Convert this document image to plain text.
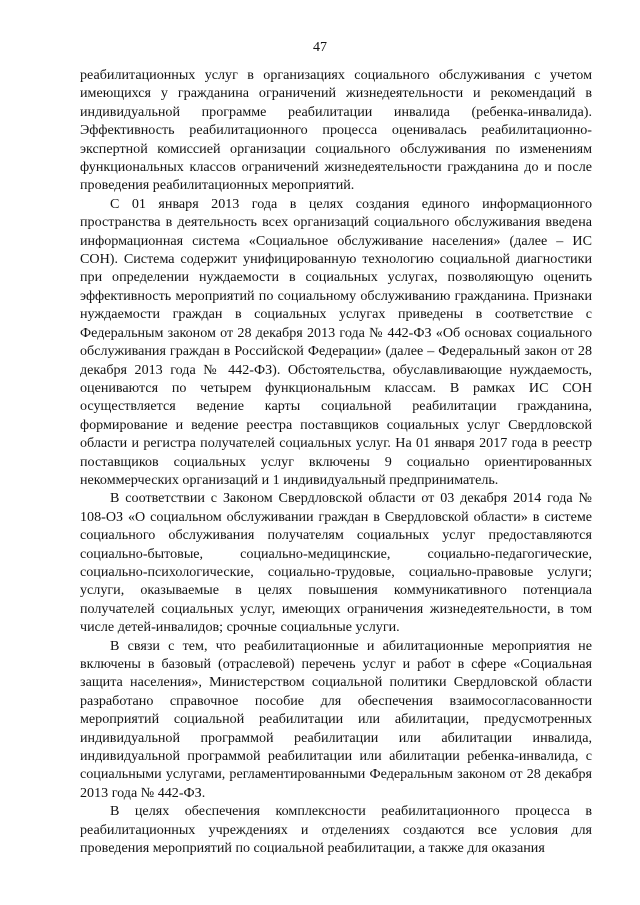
47

реабилитационных услуг в организациях социального обслуживания с учетом имеющихся у гражданина ограничений жизнедеятельности и рекомендаций в индивидуальной программе реабилитации инвалида (ребенка-инвалида). Эффективность реабилитационного процесса оценивалась реабилитационно-экспертной комиссией организации социального обслуживания по изменениям функциональных классов ограничений жизнедеятельности гражданина до и после проведения реабилитационных мероприятий.

С 01 января 2013 года в целях создания единого информационного пространства в деятельность всех организаций социального обслуживания введена информационная система «Социальное обслуживание населения» (далее – ИС СОН). Система содержит унифицированную технологию социальной диагностики при определении нуждаемости в социальных услугах, позволяющую оценить эффективность мероприятий по социальному обслуживанию гражданина. Признаки нуждаемости граждан в социальных услугах приведены в соответствие с Федеральным законом от 28 декабря 2013 года № 442-ФЗ «Об основах социального обслуживания граждан в Российской Федерации» (далее – Федеральный закон от 28 декабря 2013 года № 442-ФЗ). Обстоятельства, обуславливающие нуждаемость, оцениваются по четырем функциональным классам. В рамках ИС СОН осуществляется ведение карты социальной реабилитации гражданина, формирование и ведение реестра поставщиков социальных услуг Свердловской области и регистра получателей социальных услуг. На 01 января 2017 года в реестр поставщиков социальных услуг включены 9 социально ориентированных некоммерческих организаций и 1 индивидуальный предприниматель.

В соответствии с Законом Свердловской области от 03 декабря 2014 года № 108-ОЗ «О социальном обслуживании граждан в Свердловской области» в системе социального обслуживания получателям социальных услуг предоставляются социально-бытовые, социально-медицинские, социально-педагогические, социально-психологические, социально-трудовые, социально-правовые услуги; услуги, оказываемые в целях повышения коммуникативного потенциала получателей социальных услуг, имеющих ограничения жизнедеятельности, в том числе детей-инвалидов; срочные социальные услуги.

В связи с тем, что реабилитационные и абилитационные мероприятия не включены в базовый (отраслевой) перечень услуг и работ в сфере «Социальная защита населения», Министерством социальной политики Свердловской области разработано справочное пособие для обеспечения взаимосогласованности мероприятий социальной реабилитации или абилитации, предусмотренных индивидуальной программой реабилитации или абилитации инвалида, индивидуальной программой реабилитации или абилитации ребенка-инвалида, с социальными услугами, регламентированными Федеральным законом от 28 декабря 2013 года № 442-ФЗ.

В целях обеспечения комплексности реабилитационного процесса в реабилитационных учреждениях и отделениях создаются все условия для проведения мероприятий по социальной реабилитации, а также для оказания
